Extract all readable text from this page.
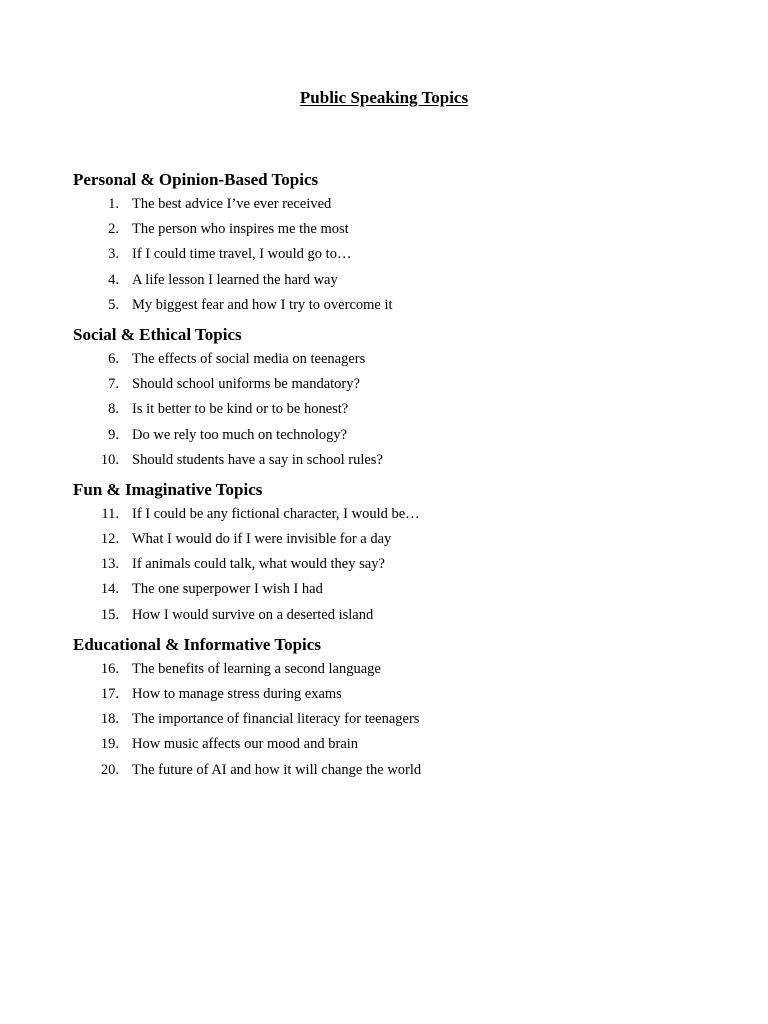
Public Speaking Topics
Personal & Opinion-Based Topics
1. The best advice I’ve ever received
2. The person who inspires me the most
3. If I could time travel, I would go to…
4. A life lesson I learned the hard way
5. My biggest fear and how I try to overcome it
Social & Ethical Topics
6. The effects of social media on teenagers
7. Should school uniforms be mandatory?
8. Is it better to be kind or to be honest?
9. Do we rely too much on technology?
10. Should students have a say in school rules?
Fun & Imaginative Topics
11. If I could be any fictional character, I would be…
12. What I would do if I were invisible for a day
13. If animals could talk, what would they say?
14. The one superpower I wish I had
15. How I would survive on a deserted island
Educational & Informative Topics
16. The benefits of learning a second language
17. How to manage stress during exams
18. The importance of financial literacy for teenagers
19. How music affects our mood and brain
20. The future of AI and how it will change the world
